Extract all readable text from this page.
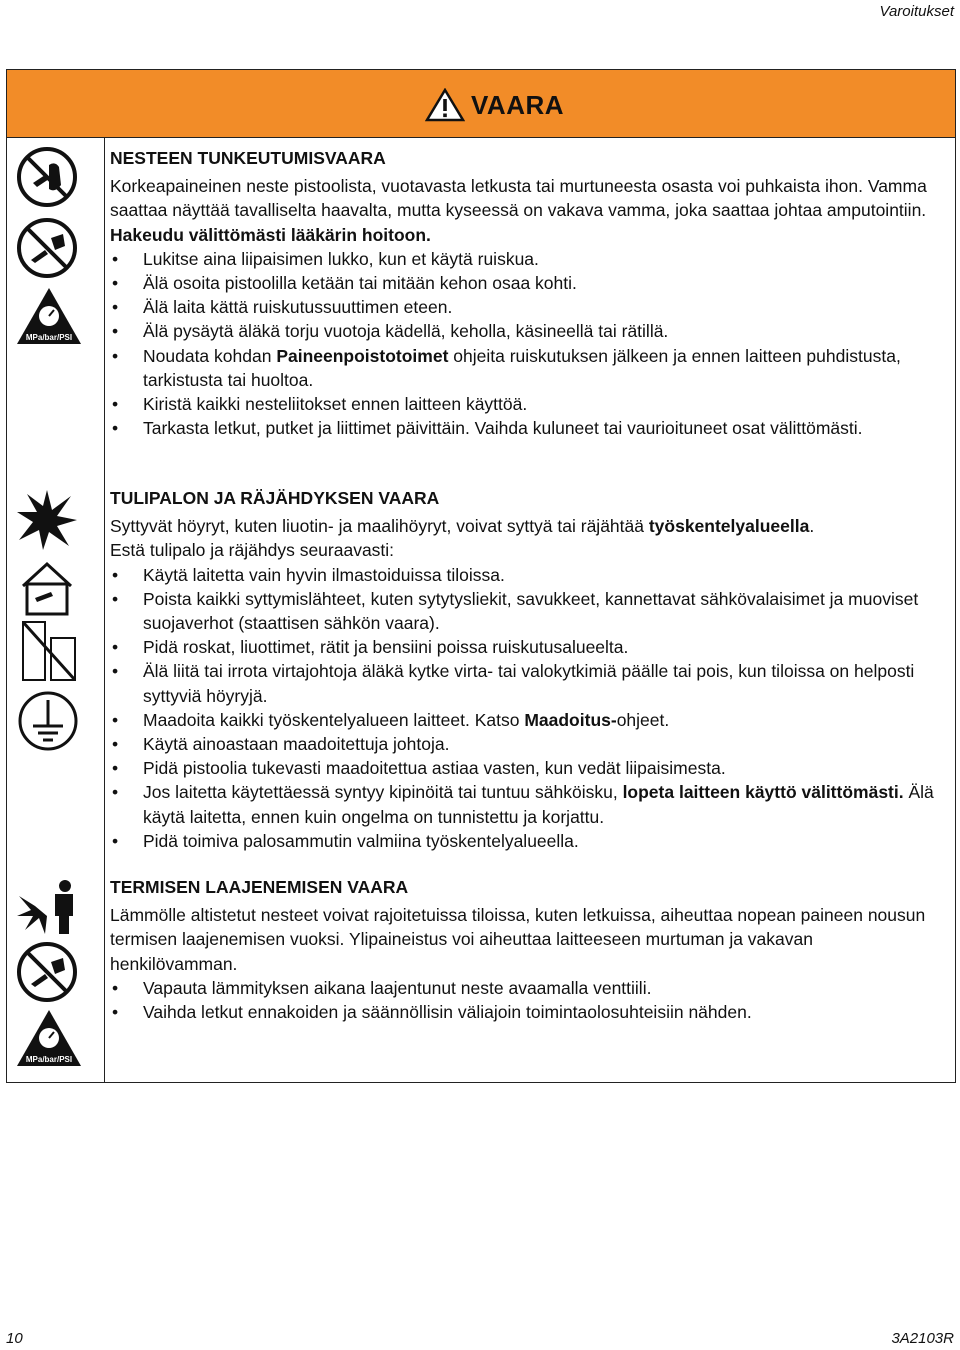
Varoitukset
VAARA
MPa/bar/PSI
MPa/bar/PSI
NESTEEN TUNKEUTUMISVAARA

Korkeapaineinen neste pistoolista, vuotavasta letkusta tai murtuneesta osasta voi puhkaista ihon. Vamma saattaa näyttää tavalliselta haavalta, mutta kyseessä on vakava vamma, joka saattaa johtaa amputointiin. Hakeudu välittömästi lääkärin hoitoon.

• Lukitse aina liipaisimen lukko, kun et käytä ruiskua.
• Älä osoita pistoolilla ketään tai mitään kehon osaa kohti.
• Älä laita kättä ruiskutussuuttimen eteen.
• Älä pysäytä äläkä torju vuotoja kädellä, keholla, käsineellä tai rätillä.
• Noudata kohdan Paineenpoistotoimet ohjeita ruiskutuksen jälkeen ja ennen laitteen puhdistusta, tarkistusta tai huoltoa.
• Kiristä kaikki nesteliitokset ennen laitteen käyttöä.
• Tarkasta letkut, putket ja liittimet päivittäin. Vaihda kuluneet tai vaurioituneet osat välittömästi.
TULIPALON JA RÄJÄHDYKSEN VAARA

Syttyvät höyryt, kuten liuotin- ja maalihöyryt, voivat syttyä tai räjähtää työskentelyalueella.

Estä tulipalo ja räjähdys seuraavasti:

• Käytä laitetta vain hyvin ilmastoiduissa tiloissa.
• Poista kaikki syttymislähteet, kuten sytytysliekit, savukkeet, kannettavat sähkövalaisimet ja muoviset suojaverhot (staattisen sähkön vaara).
• Pidä roskat, liuottimet, rätit ja bensiini poissa ruiskutusalueelta.
• Älä liitä tai irrota virtajohtoja äläkä kytke virta- tai valokytkimiä päälle tai pois, kun tiloissa on helposti syttyviä höyryjä.
• Maadoita kaikki työskentelyalueen laitteet. Katso Maadoitus-ohjeet.
• Käytä ainoastaan maadoitettuja johtoja.
• Pidä pistoolia tukevasti maadoitettua astiaa vasten, kun vedät liipaisimesta.
• Jos laitetta käytettäessä syntyy kipinöitä tai tuntuu sähköisku, lopeta laitteen käyttö välittömästi. Älä käytä laitetta, ennen kuin ongelma on tunnistettu ja korjattu.
• Pidä toimiva palosammutin valmiina työskentelyalueella.
TERMISEN LAAJENEMISEN VAARA

Lämmölle altistetut nesteet voivat rajoitetuissa tiloissa, kuten letkuissa, aiheuttaa nopean paineen nousun termisen laajenemisen vuoksi. Ylipaineistus voi aiheuttaa laitteeseen murtuman ja vakavan henkilövamman.

• Vapauta lämmityksen aikana laajentunut neste avaamalla venttiili.
• Vaihda letkut ennakoiden ja säännöllisin väliajoin toimintaolosuhteisiin nähden.
10	3A2103R
